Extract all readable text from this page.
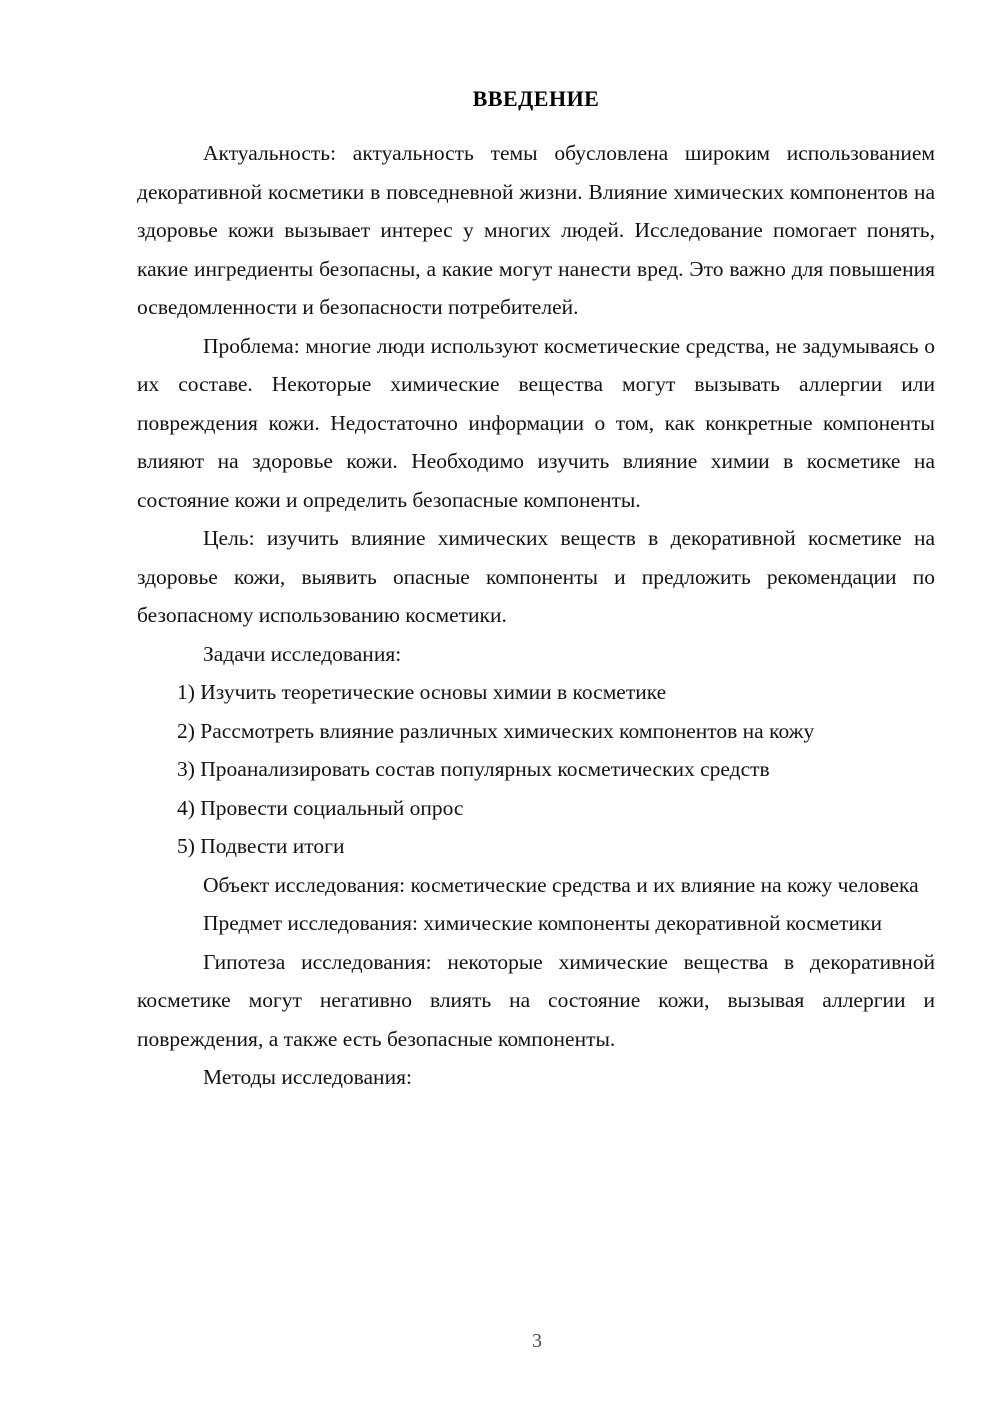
ВВЕДЕНИЕ

Актуальность: актуальность темы обусловлена широким использованием декоративной косметики в повседневной жизни. Влияние химических компонентов на здоровье кожи вызывает интерес у многих людей. Исследование помогает понять, какие ингредиенты безопасны, а какие могут нанести вред. Это важно для повышения осведомленности и безопасности потребителей.

Проблема: многие люди используют косметические средства, не задумываясь о их составе. Некоторые химические вещества могут вызывать аллергии или повреждения кожи. Недостаточно информации о том, как конкретные компоненты влияют на здоровье кожи. Необходимо изучить влияние химии в косметике на состояние кожи и определить безопасные компоненты.

Цель: изучить влияние химических веществ в декоративной косметике на здоровье кожи, выявить опасные компоненты и предложить рекомендации по безопасному использованию косметики.

Задачи исследования:

1) Изучить теоретические основы химии в косметике
2) Рассмотреть влияние различных химических компонентов на кожу
3) Проанализировать состав популярных косметических средств
4) Провести социальный опрос
5) Подвести итоги

Объект исследования: косметические средства и их влияние на кожу человека

Предмет исследования: химические компоненты декоративной косметики

Гипотеза исследования: некоторые химические вещества в декоративной косметике могут негативно влиять на состояние кожи, вызывая аллергии и повреждения, а также есть безопасные компоненты.

Методы исследования:

3
